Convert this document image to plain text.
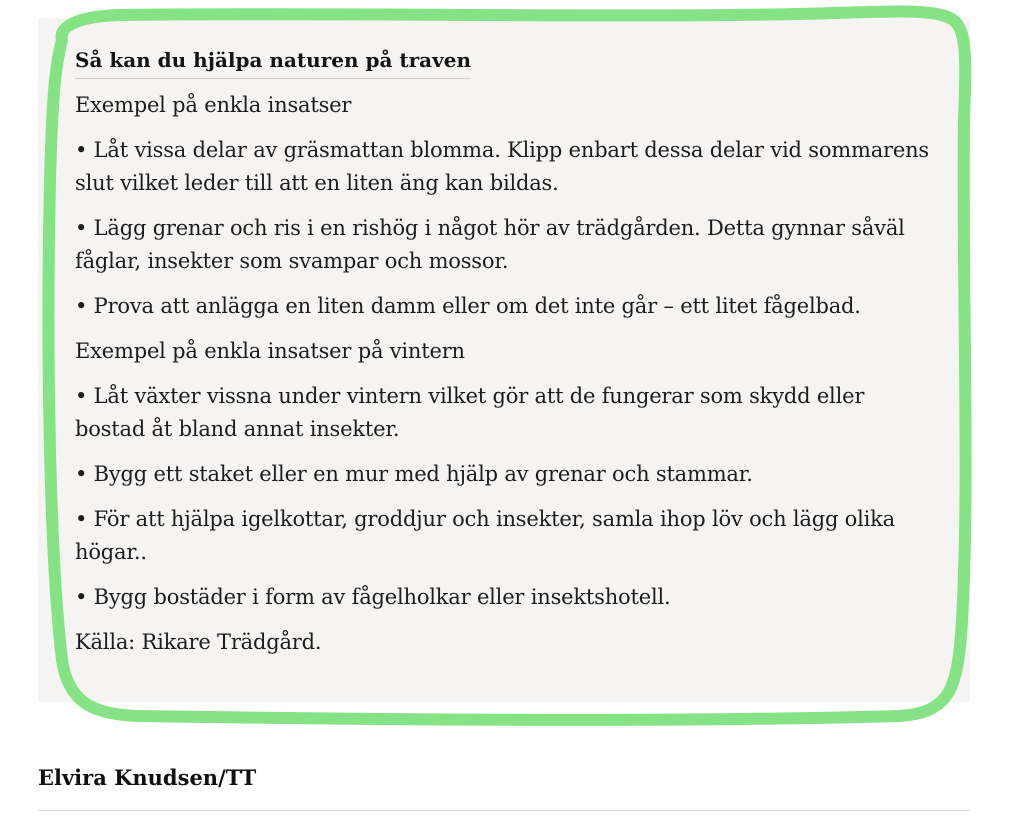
Så kan du hjälpa naturen på traven

Exempel på enkla insatser

• Låt vissa delar av gräsmattan blomma. Klipp enbart dessa delar vid sommarens slut vilket leder till att en liten äng kan bildas.

• Lägg grenar och ris i en rishög i något hör av trädgården. Detta gynnar såväl fåglar, insekter som svampar och mossor.

• Prova att anlägga en liten damm eller om det inte går – ett litet fågelbad.

Exempel på enkla insatser på vintern

• Låt växter vissna under vintern vilket gör att de fungerar som skydd eller bostad åt bland annat insekter.

• Bygg ett staket eller en mur med hjälp av grenar och stammar.

• För att hjälpa igelkottar, groddjur och insekter, samla ihop löv och lägg olika högar..

• Bygg bostäder i form av fågelholkar eller insektshotell.

Källa: Rikare Trädgård.

Elvira Knudsen/TT
